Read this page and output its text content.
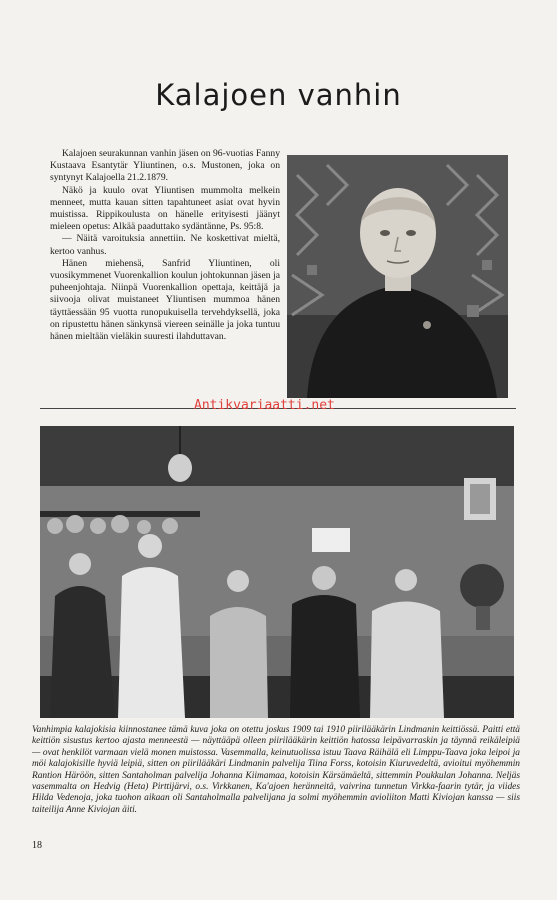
Kalajoen vanhin

Kalajoen seurakunnan vanhin jäsen on 96-vuotias Fanny Kustaava Esantytär Yliuntinen, o.s. Mustonen, joka on syntynyt Kalajoella 21.2.1879.

Näkö ja kuulo ovat Yliuntisen mummolta melkein menneet, mutta kauan sitten tapahtuneet asiat ovat hyvin muistissa. Rippikoulusta on hänelle erityisesti jäänyt mieleen opetus: Alkää paaduttako sydäntänne, Ps. 95:8.

— Näitä varoituksia annettiin. Ne koskettivat mieltä, kertoo vanhus.

Hänen miehensä, Sanfrid Yliuntinen, oli vuosikymmenet Vuorenkallion koulun johtokunnan jäsen ja puheenjohtaja. Niinpä Vuorenkallion opettaja, keittäjä ja siivooja olivat muistaneet Yliuntisen mummoa hänen täyttäessään 95 vuotta runopukuisella tervehdyksellä, joka on ripustettu hänen sänkynsä viereen seinälle ja joka tuntuu hänen mieltään vieläkin suuresti ilahduttavan.

Antikvariaatti.net
Vanhimpia kalajokisia kiinnostanee tämä kuva joka on otettu joskus 1909 tai 1910 piirilääkärin Lindmanin keittiössä. Paitti että keittiön sisustus kertoo ajasta menneestä — näyttääpä olleen piirilääkärin keittiön hatossa leipävarraskin ja täynnä reikäleipiä — ovat henkilöt varmaan vielä monen muistossa. Vasemmalla, keinutuolissa istuu Taava Räihälä eli Limppu-Taava joka leipoi ja möi kalajokisille hyviä leipiä, sitten on piirilääkäri Lindmanin palvelija Tiina Forss, kotoisin Kiuruvedeltä, avioitui myöhemmin Rantion Häröön, sitten Santaholman palvelija Johanna Kiimamaa, kotoisin Kärsämäeltä, sittemmin Poukkulan Johanna. Neljäs vasemmalta on Hedvig (Heta) Pirttijärvi, o.s. Virkkanen, Ka'ajoen heränneitä, vaivrina tunnetun Virkka-faarin tytär, ja viides Hilda Vedenoja, joka tuohon aikaan oli Santaholmalla palvelijana ja solmi myöhemmin avioliiton Matti Kiviojan kanssa — siis taiteilija Anne Kiviojan äiti.
18
